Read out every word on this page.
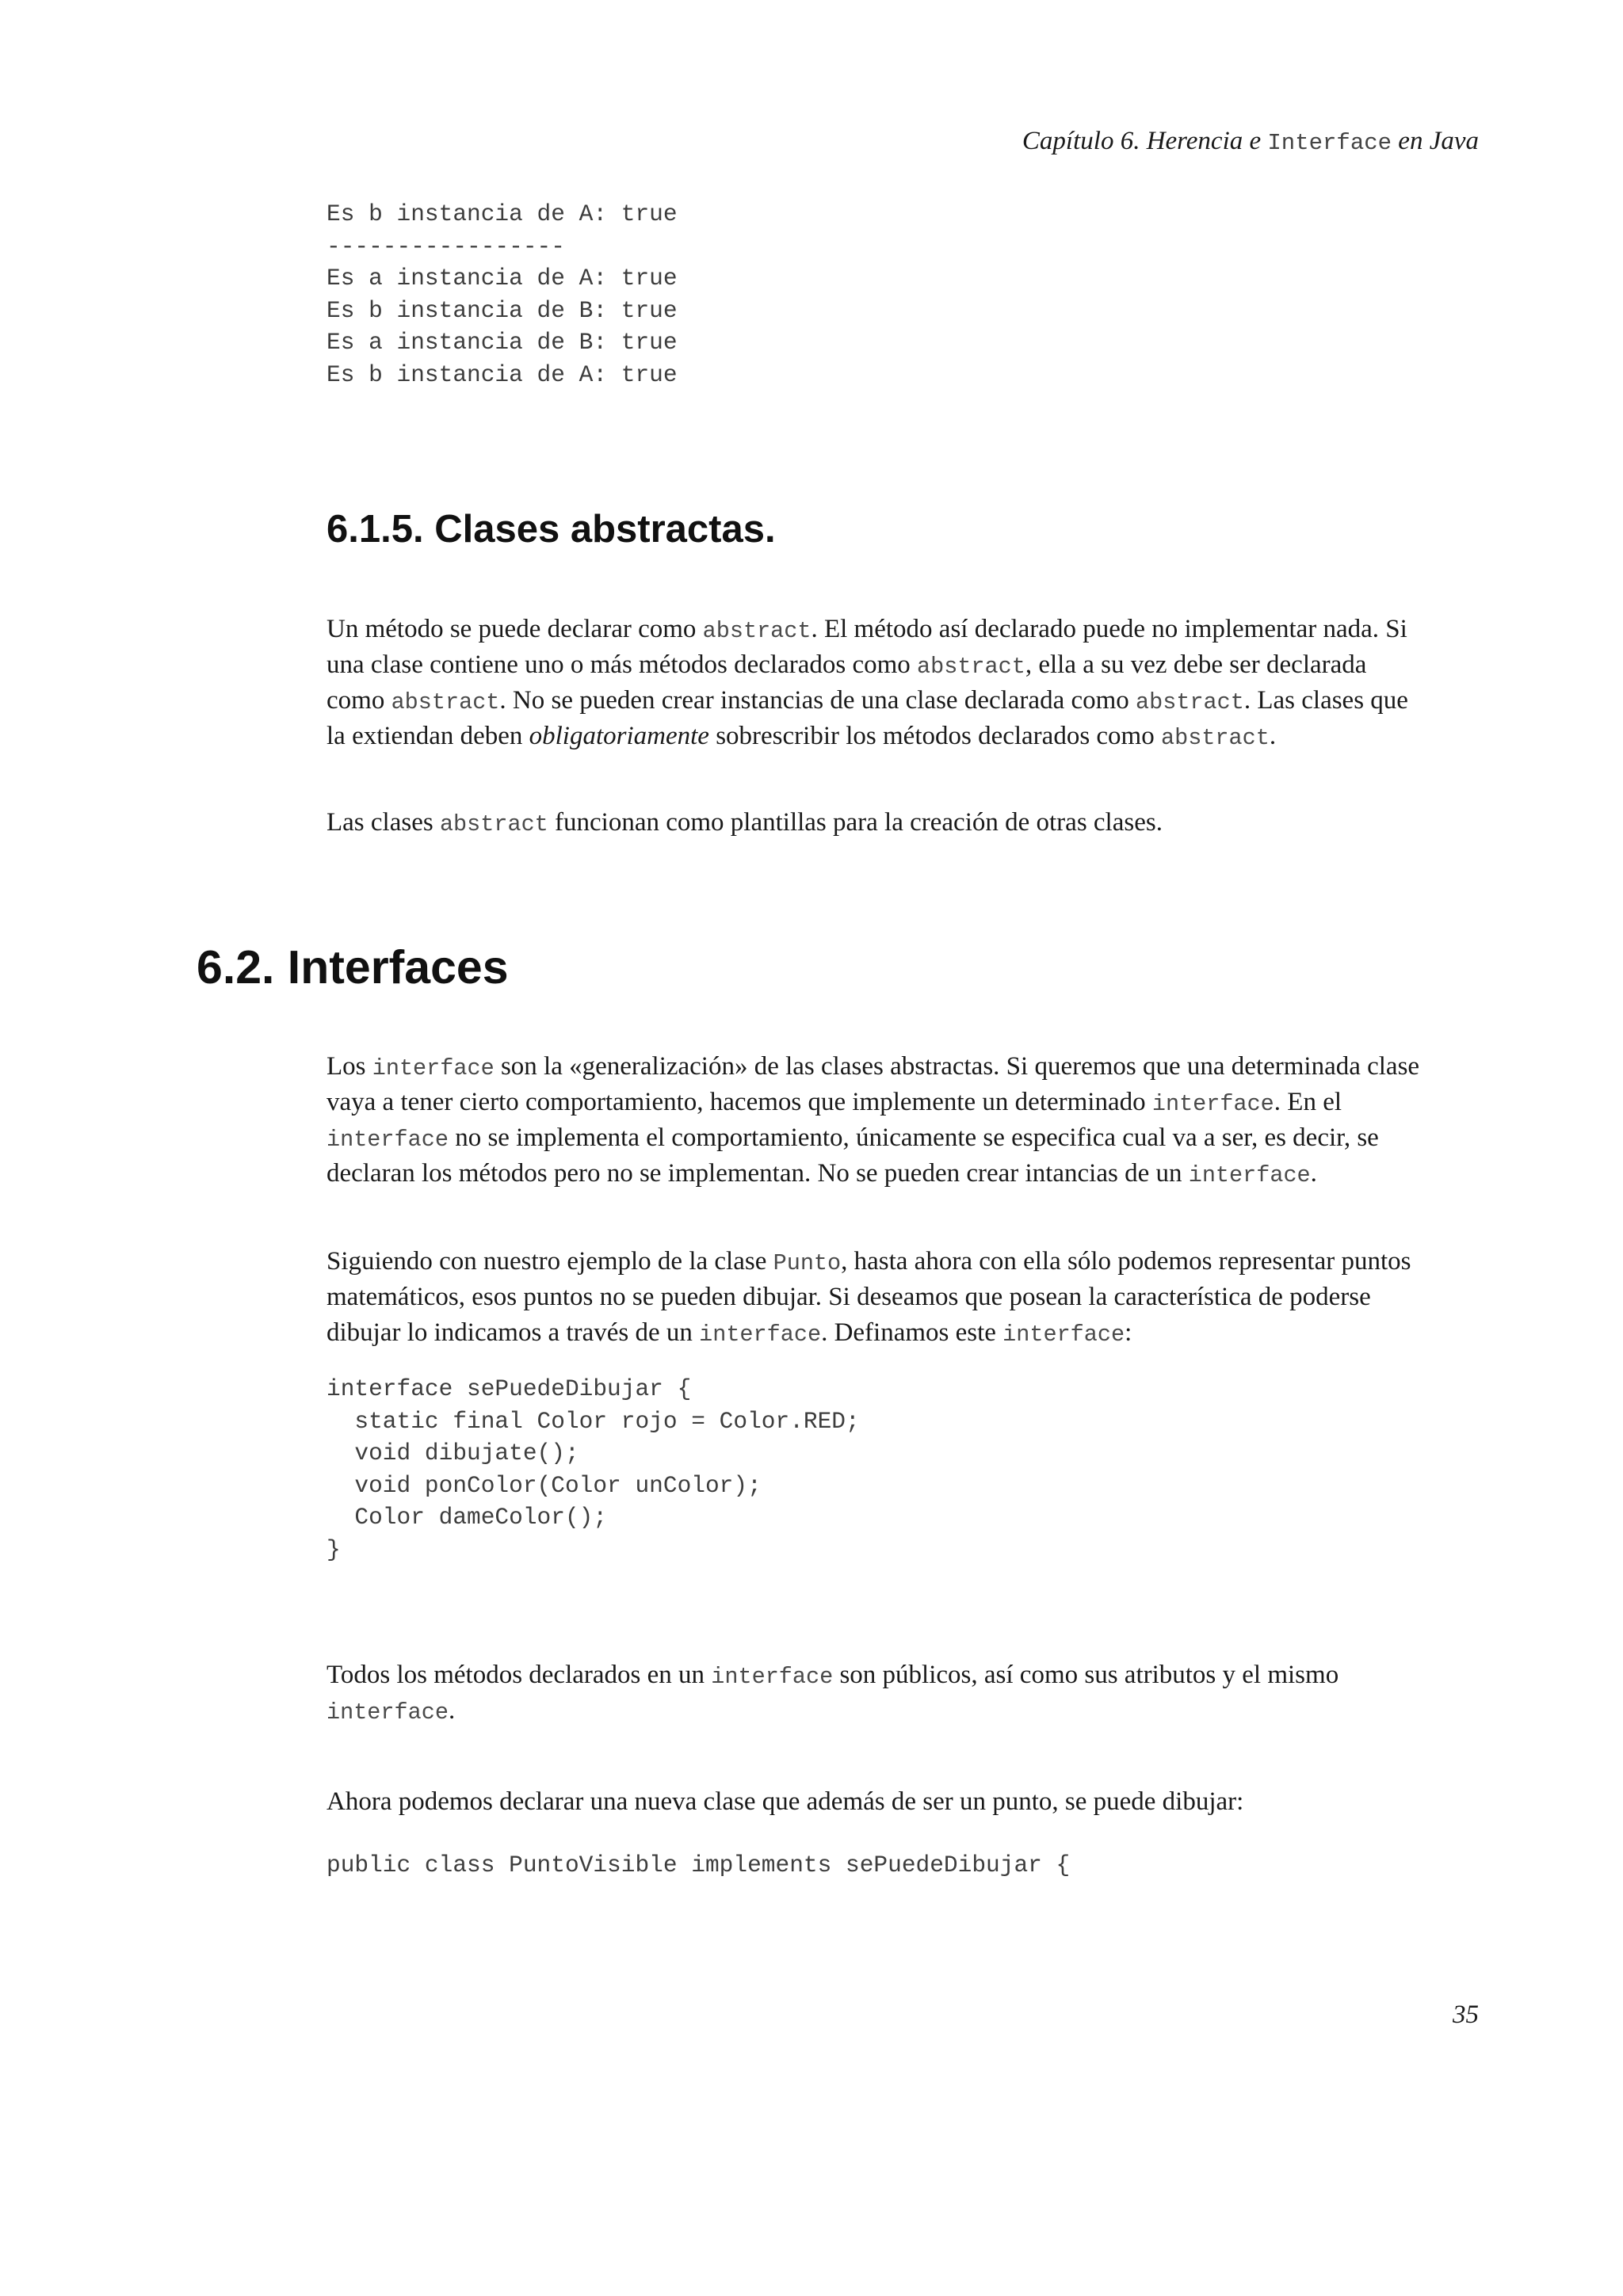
Capítulo 6. Herencia e Interface en Java
Es b instancia de A: true
-----------------
Es a instancia de A: true
Es b instancia de B: true
Es a instancia de B: true
Es b instancia de A: true
6.1.5. Clases abstractas.
Un método se puede declarar como abstract. El método así declarado puede no implementar nada. Si
una clase contiene uno o más métodos declarados como abstract, ella a su vez debe ser declarada
como abstract. No se pueden crear instancias de una clase declarada como abstract. Las clases que
la extiendan deben obligatoriamente sobrescribir los métodos declarados como abstract.
Las clases abstract funcionan como plantillas para la creación de otras clases.
6.2. Interfaces
Los interface son la «generalización» de las clases abstractas. Si queremos que una determinada clase
vaya a tener cierto comportamiento, hacemos que implemente un determinado interface. En el
interface no se implementa el comportamiento, únicamente se especifica cual va a ser, es decir, se
declaran los métodos pero no se implementan. No se pueden crear intancias de un interface.
Siguiendo con nuestro ejemplo de la clase Punto, hasta ahora con ella sólo podemos representar puntos
matemáticos, esos puntos no se pueden dibujar. Si deseamos que posean la característica de poderse
dibujar lo indicamos a través de un interface. Definamos este interface:
interface sePuedeDibujar {
static final Color rojo = Color.RED;
void dibujate();
void ponColor(Color unColor);
Color dameColor();
}
Todos los métodos declarados en un interface son públicos, así como sus atributos y el mismo
interface.
Ahora podemos declarar una nueva clase que además de ser un punto, se puede dibujar:
public class PuntoVisible implements sePuedeDibujar {
35
